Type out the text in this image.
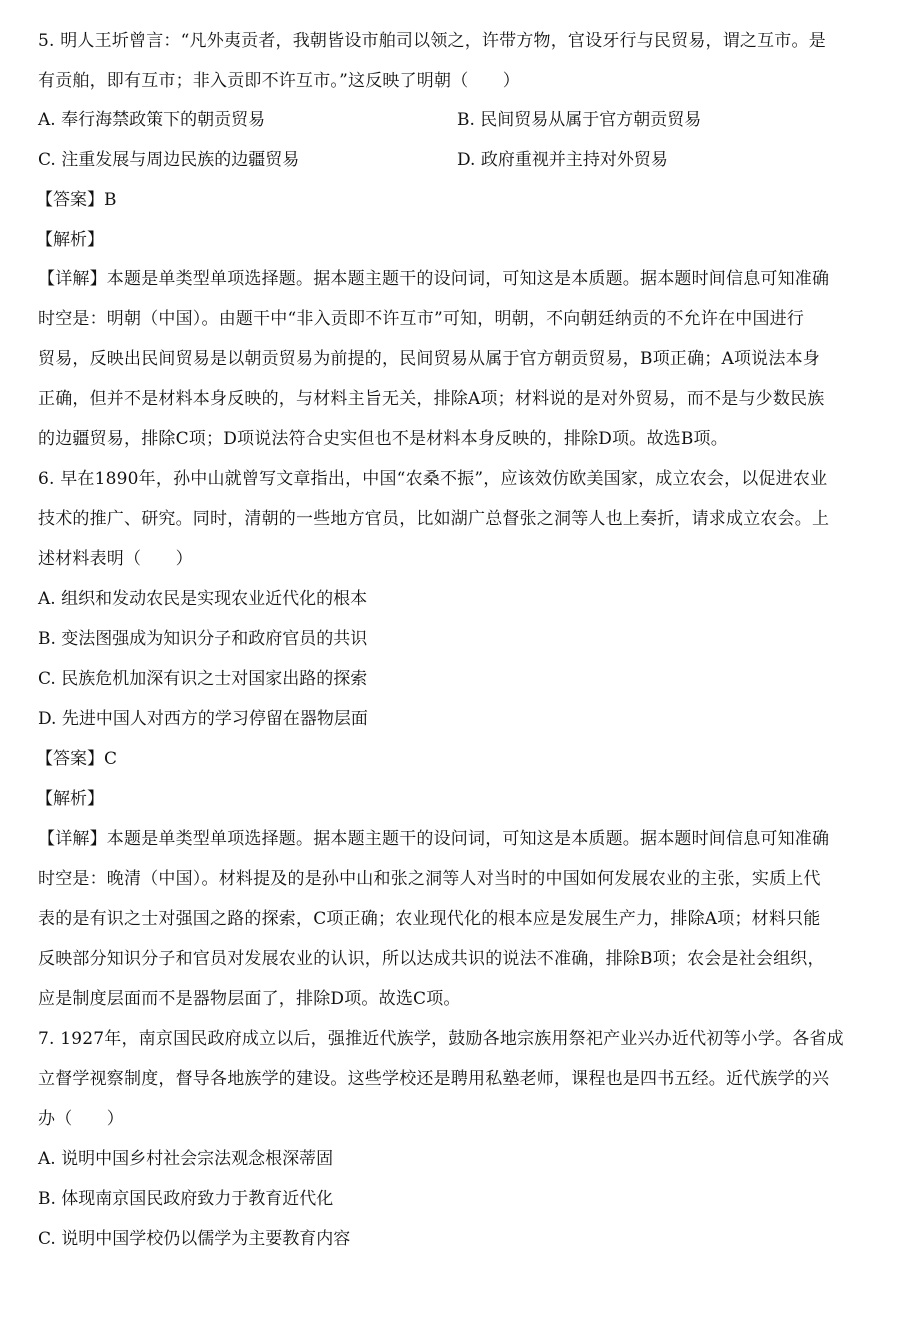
5. 明人王圻曾言：“凡外夷贡者，我朝皆设市舶司以领之，许带方物，官设牙行与民贸易，谓之互市。是
有贡舶，即有互市；非入贡即不许互市。”这反映了明朝（　　）
A. 奉行海禁政策下的朝贡贸易	B. 民间贸易从属于官方朝贡贸易
C. 注重发展与周边民族的边疆贸易	D. 政府重视并主持对外贸易
【答案】B
【解析】
【详解】本题是单类型单项选择题。据本题主题干的设问词，可知这是本质题。据本题时间信息可知准确
时空是：明朝（中国）。由题干中“非入贡即不许互市”可知，明朝，不向朝廷纳贡的不允许在中国进行
贸易，反映出民间贸易是以朝贡贸易为前提的，民间贸易从属于官方朝贡贸易，B项正确；A项说法本身
正确，但并不是材料本身反映的，与材料主旨无关，排除A项；材料说的是对外贸易，而不是与少数民族
的边疆贸易，排除C项；D项说法符合史实但也不是材料本身反映的，排除D项。故选B项。
6. 早在1890年，孙中山就曾写文章指出，中国“农桑不振”，应该效仿欧美国家，成立农会，以促进农业
技术的推广、研究。同时，清朝的一些地方官员，比如湖广总督张之洞等人也上奏折，请求成立农会。上
述材料表明（　　）
A. 组织和发动农民是实现农业近代化的根本
B. 变法图强成为知识分子和政府官员的共识
C. 民族危机加深有识之士对国家出路的探索
D. 先进中国人对西方的学习停留在器物层面
【答案】C
【解析】
【详解】本题是单类型单项选择题。据本题主题干的设问词，可知这是本质题。据本题时间信息可知准确
时空是：晚清（中国）。材料提及的是孙中山和张之洞等人对当时的中国如何发展农业的主张，实质上代
表的是有识之士对强国之路的探索，C项正确；农业现代化的根本应是发展生产力，排除A项；材料只能
反映部分知识分子和官员对发展农业的认识，所以达成共识的说法不准确，排除B项；农会是社会组织，
应是制度层面而不是器物层面了，排除D项。故选C项。
7. 1927年，南京国民政府成立以后，强推近代族学，鼓励各地宗族用祭祀产业兴办近代初等小学。各省成
立督学视察制度，督导各地族学的建设。这些学校还是聘用私塾老师，课程也是四书五经。近代族学的兴
办（　　）
A. 说明中国乡村社会宗法观念根深蒂固
B. 体现南京国民政府致力于教育近代化
C. 说明中国学校仍以儒学为主要教育内容
